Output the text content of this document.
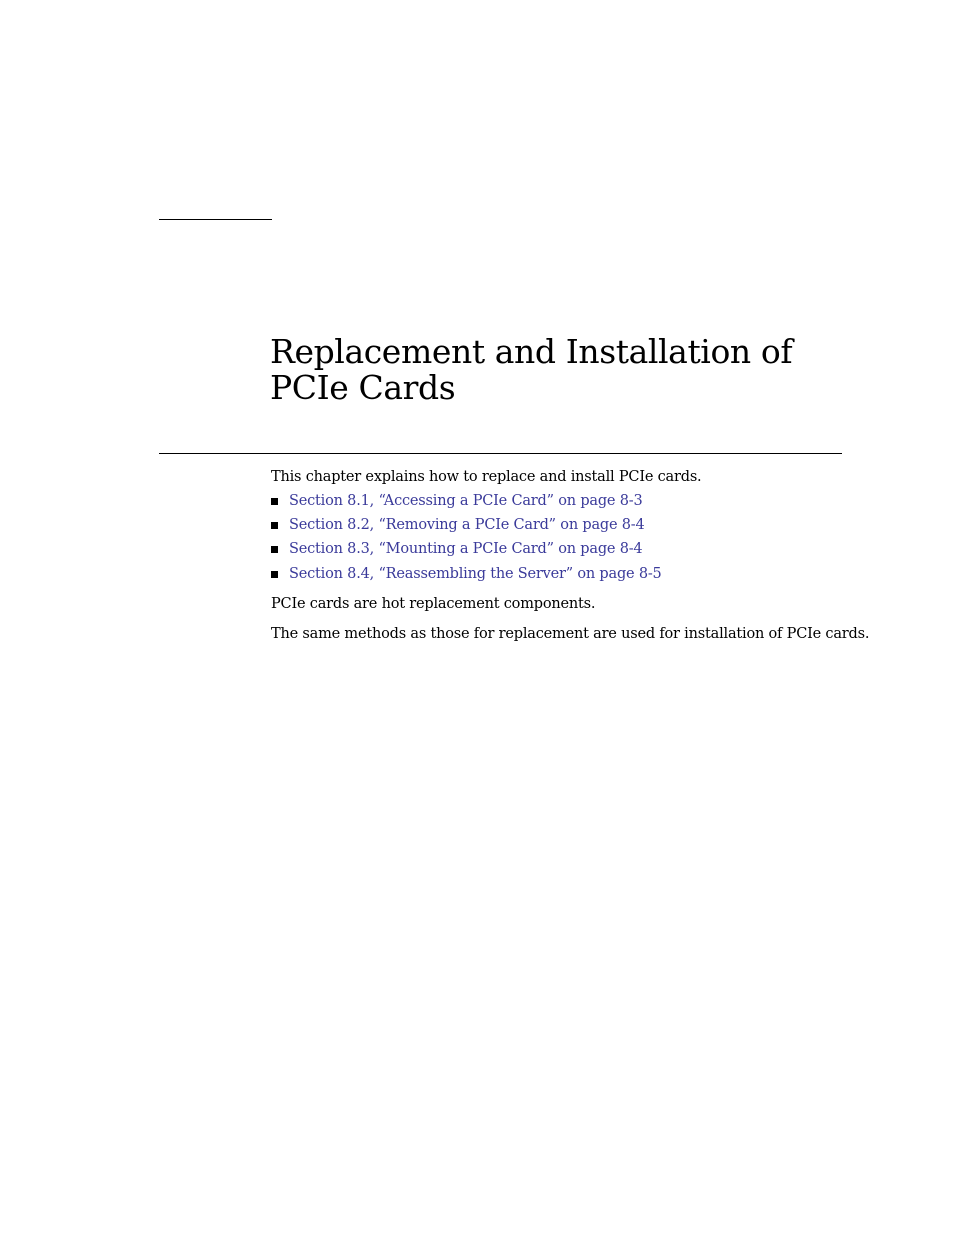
Replacement and Installation of
PCIe Cards

This chapter explains how to replace and install PCIe cards.

Section 8.1, “Accessing a PCIe Card” on page 8-3
Section 8.2, “Removing a PCIe Card” on page 8-4
Section 8.3, “Mounting a PCIe Card” on page 8-4
Section 8.4, “Reassembling the Server” on page 8-5

PCIe cards are hot replacement components.

The same methods as those for replacement are used for installation of PCIe cards.
